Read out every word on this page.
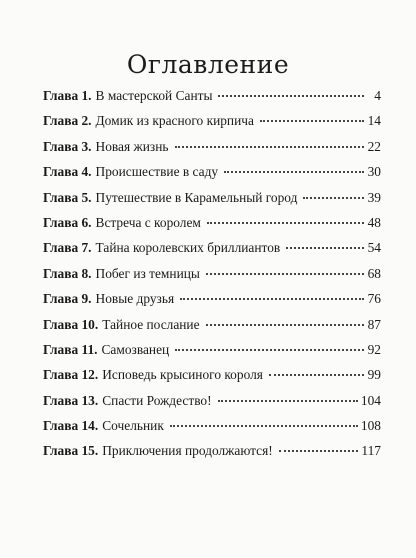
Оглавление
Глава 1. В мастерской Санты	4
Глава 2. Домик из красного кирпича	14
Глава 3. Новая жизнь	22
Глава 4. Происшествие в саду	30
Глава 5. Путешествие в Карамельный город	39
Глава 6. Встреча с королем	48
Глава 7. Тайна королевских бриллиантов	54
Глава 8. Побег из темницы	68
Глава 9. Новые друзья	76
Глава 10. Тайное послание	87
Глава 11. Самозванец	92
Глава 12. Исповедь крысиного короля	99
Глава 13. Спасти Рождество!	104
Глава 14. Сочельник	108
Глава 15. Приключения продолжаются!	117
